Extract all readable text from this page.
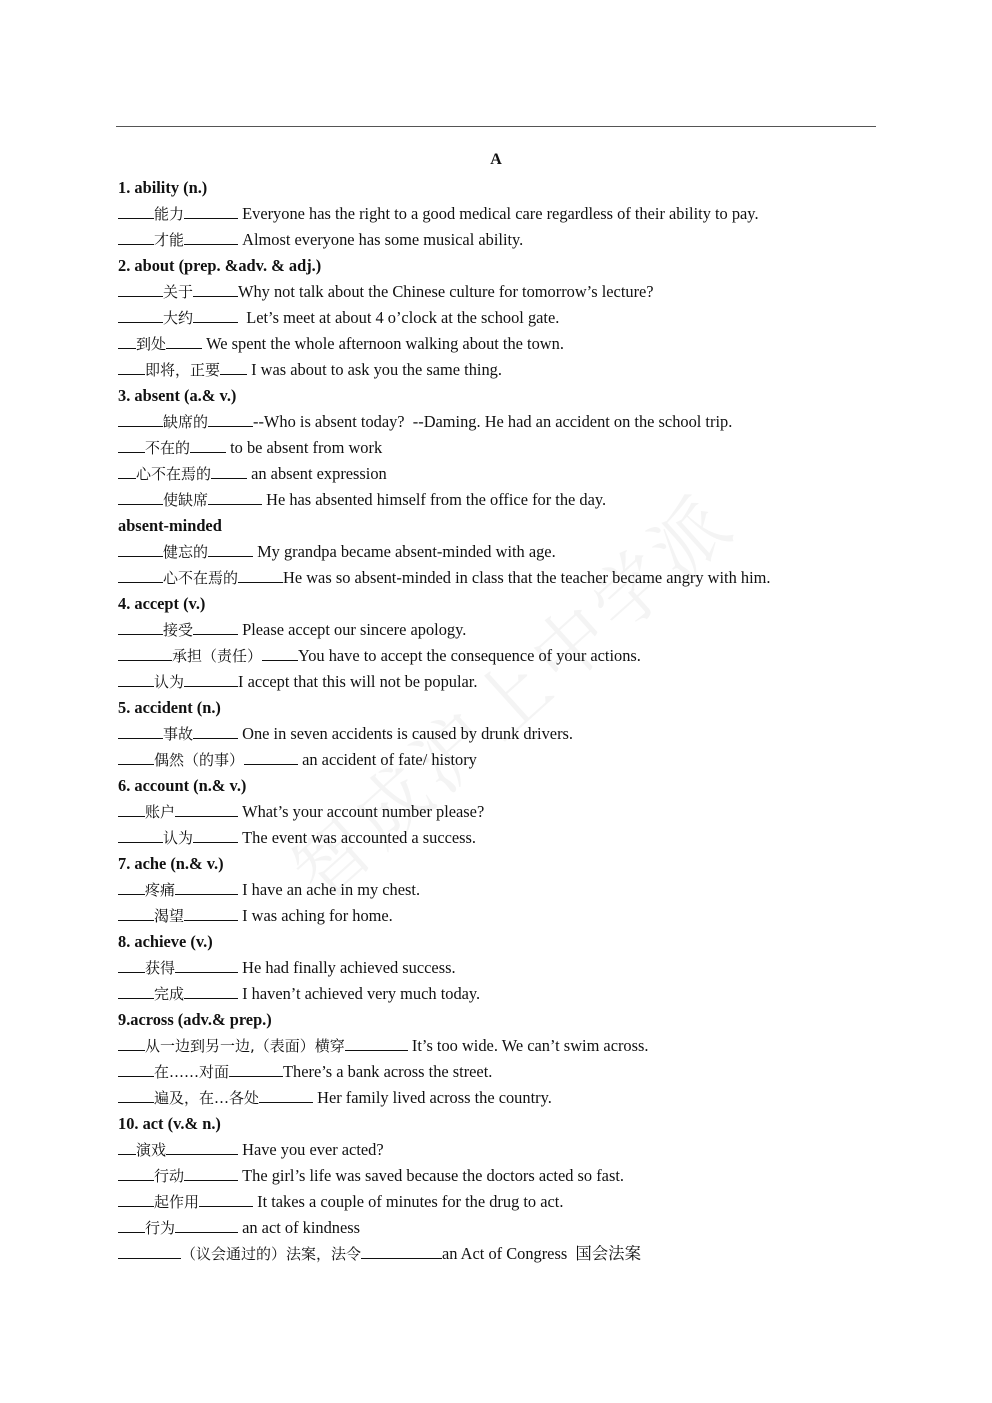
A
1. ability (n.)
能力	Everyone has the right to a good medical care regardless of their ability to pay.
才能	Almost everyone has some musical ability.
2. about (prep. &adv. & adj.)
关于	Why not talk about the Chinese culture for tomorrow’s lecture?
大约	Let’s meet at about 4 o’clock at the school gate.
到处 We spent the whole afternoon walking about the town.
即将，正要 I was about to ask you the same thing.
3. absent (a.& v.)
缺席的	--Who is absent today?  --Daming. He had an accident on the school trip.
不在的 to be absent from work
心不在焉的 an absent expression
使缺席	He has absented himself from the office for the day.
absent-minded
健忘的	My grandpa became absent-minded with age.
心不在焉的	He was so absent-minded in class that the teacher became angry with him.
4. accept (v.)
接受	Please accept our sincere apology.
承担（责任） You have to accept the consequence of your actions.
认为	I accept that this will not be popular.
5. accident (n.)
事故	One in seven accidents is caused by drunk drivers.
偶然（的事）	an accident of fate/ history
6. account (n.& v.)
账户	What’s your account number please?
认为	The event was accounted a success.
7. ache (n.& v.)
疼痛	I have an ache in my chest.
渴望	I was aching for home.
8. achieve (v.)
获得	He had finally achieved success.
完成	I haven’t achieved very much today.
9.across (adv.& prep.)
从一边到另一边,（表面）横穿	It’s too wide. We can’t swim across.
在……对面	There’s a bank across the street.
遍及，在…各处	Her family lived across the country.
10. act (v.& n.)
演戏	Have you ever acted?
行动	The girl’s life was saved because the doctors acted so fast.
起作用	It takes a couple of minutes for the drug to act.
行为	an act of kindness
（议会通过的）法案，法令	an Act of Congress  国会法案
